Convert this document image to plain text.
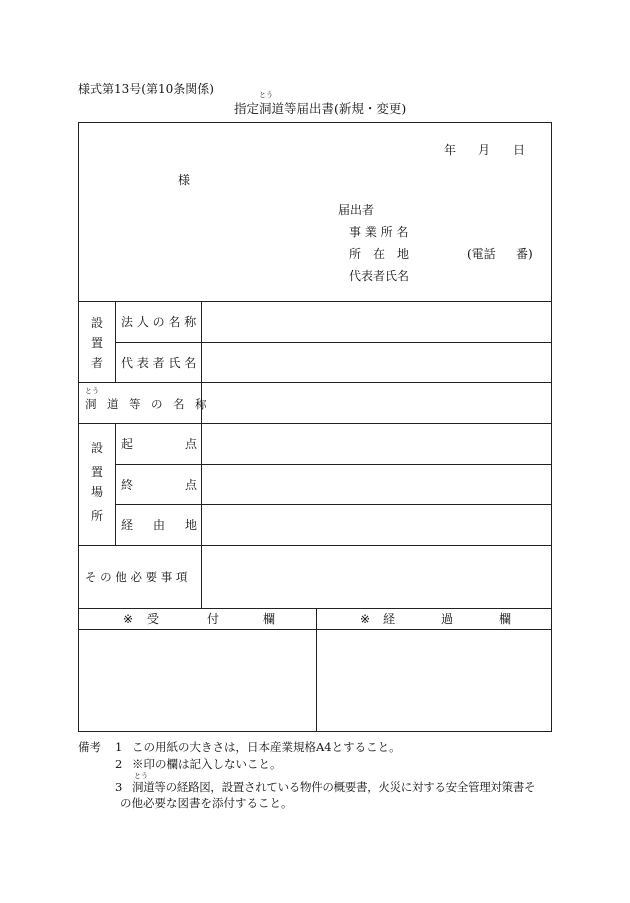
様式第13号(第10条関係)	とう
指定洞道等届出書(新規・変更)
年 月 日
様
届出者
事 業 所 名
所　在　地	(電話 番)
代表者氏名
設
置
者
法 人 の 名 称
代 表 者 氏 名
とう
洞　道　等　の　名　称
設
置
場
所
起	点
終	点
経 由 地
そ の 他 必 要 事 項
※ 受	付	欄	※ 経	過	欄
備考 1 この用紙の大きさは，日本産業規格A4とすること。
2 ※印の欄は記入しないこと。
とう
3 洞道等の経路図，設置されている物件の概要書，火災に対する安全管理対策書そ
の他必要な図書を添付すること。
